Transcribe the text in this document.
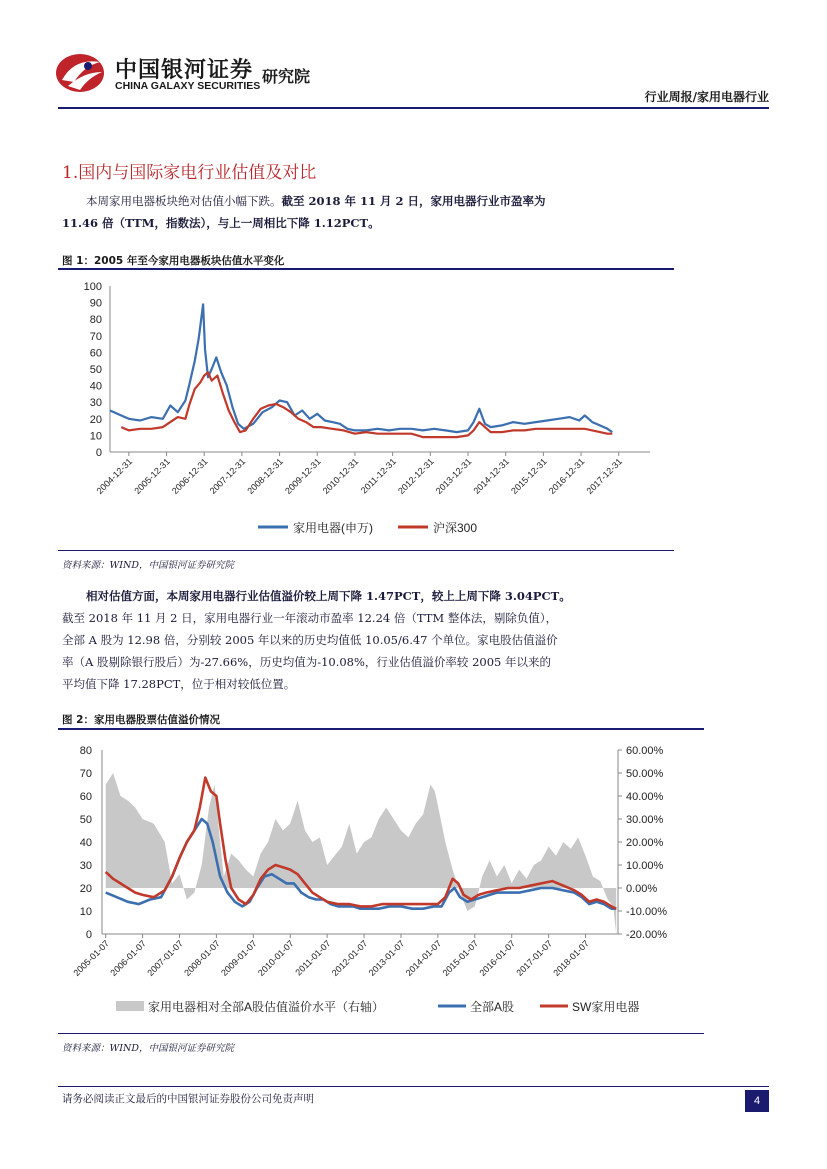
中国银河证券
CHINA GALAXY SECURITIES 研究院
行业周报/家用电器行业
1.国内与国际家电行业估值及对比
本周家用电器板块绝对估值小幅下跌。截至 2018 年 11 月 2 日，家用电器行业市盈率为
11.46 倍（TTM，指数法），与上一周相比下降 1.12PCT。
图 1：2005 年至今家用电器板块估值水平变化
0
10
20
30
40
50
60
70
80
90
100
2004-12-31
2005-12-31
2006-12-31
2007-12-31
2008-12-31
2009-12-31
2010-12-31
2011-12-31
2012-12-31
2013-12-31
2014-12-31
2015-12-31
2016-12-31
2017-12-31
家用电器(申万)	沪深300
资料来源：WIND，中国银河证券研究院
相对估值方面，本周家用电器行业估值溢价较上周下降 1.47PCT，较上上周下降 3.04PCT。
截至 2018 年 11 月 2 日，家用电器行业一年滚动市盈率 12.24 倍（TTM 整体法，剔除负值），
全部 A 股为 12.98 倍，分别较 2005 年以来的历史均值低 10.05/6.47 个单位。家电股估值溢价
率（A 股剔除银行股后）为-27.66%，历史均值为-10.08%，行业估值溢价率较 2005 年以来的
平均值下降 17.28PCT，位于相对较低位置。
图 2：家用电器股票估值溢价情况
0
10
20
30
40
50
60
70
80
-20.00%
-10.00%
0.00%
10.00%
20.00%
30.00%
40.00%
50.00%
60.00%
2005-01-07
2006-01-07
2007-01-07
2008-01-07
2009-01-07
2010-01-07
2011-01-07
2012-01-07
2013-01-07
2014-01-07
2015-01-07
2016-01-07
2017-01-07
2018-01-07
家用电器相对全部A股估值溢价水平（右轴）	全部A股	SW家用电器
资料来源：WIND，中国银河证券研究院
请务必阅读正文最后的中国银河证券股份公司免责声明	4
